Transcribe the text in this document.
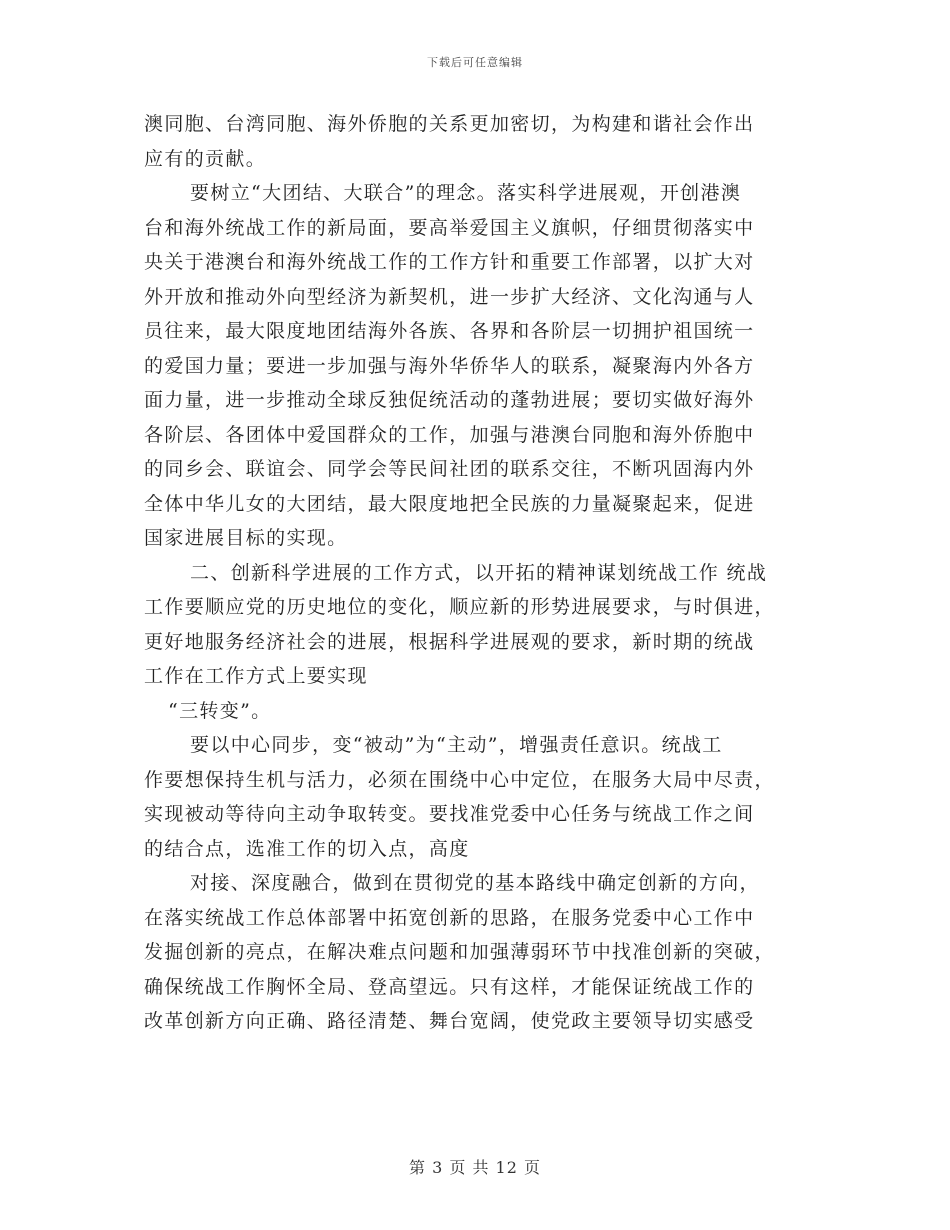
下载后可任意编辑
澳同胞、台湾同胞、海外侨胞的关系更加密切，为构建和谐社会作出
应有的贡献。
要树立“大团结、大联合”的理念。落实科学进展观，开创港澳
台和海外统战工作的新局面，要高举爱国主义旗帜，仔细贯彻落实中
央关于港澳台和海外统战工作的工作方针和重要工作部署，以扩大对
外开放和推动外向型经济为新契机，进一步扩大经济、文化沟通与人
员往来，最大限度地团结海外各族、各界和各阶层一切拥护祖国统一
的爱国力量；要进一步加强与海外华侨华人的联系，凝聚海内外各方
面力量，进一步推动全球反独促统活动的蓬勃进展；要切实做好海外
各阶层、各团体中爱国群众的工作，加强与港澳台同胞和海外侨胞中
的同乡会、联谊会、同学会等民间社团的联系交往，不断巩固海内外
全体中华儿女的大团结，最大限度地把全民族的力量凝聚起来，促进
国家进展目标的实现。
二、创新科学进展的工作方式，以开拓的精神谋划统战工作 统战
工作要顺应党的历史地位的变化，顺应新的形势进展要求，与时俱进，
更好地服务经济社会的进展，根据科学进展观的要求，新时期的统战
工作在工作方式上要实现
“三转变”。
要以中心同步，变“被动”为“主动”，增强责任意识。统战工
作要想保持生机与活力，必须在围绕中心中定位，在服务大局中尽责，
实现被动等待向主动争取转变。要找准党委中心任务与统战工作之间
的结合点，选准工作的切入点，高度
对接、深度融合，做到在贯彻党的基本路线中确定创新的方向，
在落实统战工作总体部署中拓宽创新的思路，在服务党委中心工作中
发掘创新的亮点，在解决难点问题和加强薄弱环节中找准创新的突破，
确保统战工作胸怀全局、登高望远。只有这样，才能保证统战工作的
改革创新方向正确、路径清楚、舞台宽阔，使党政主要领导切实感受
第 3 页 共 12 页
